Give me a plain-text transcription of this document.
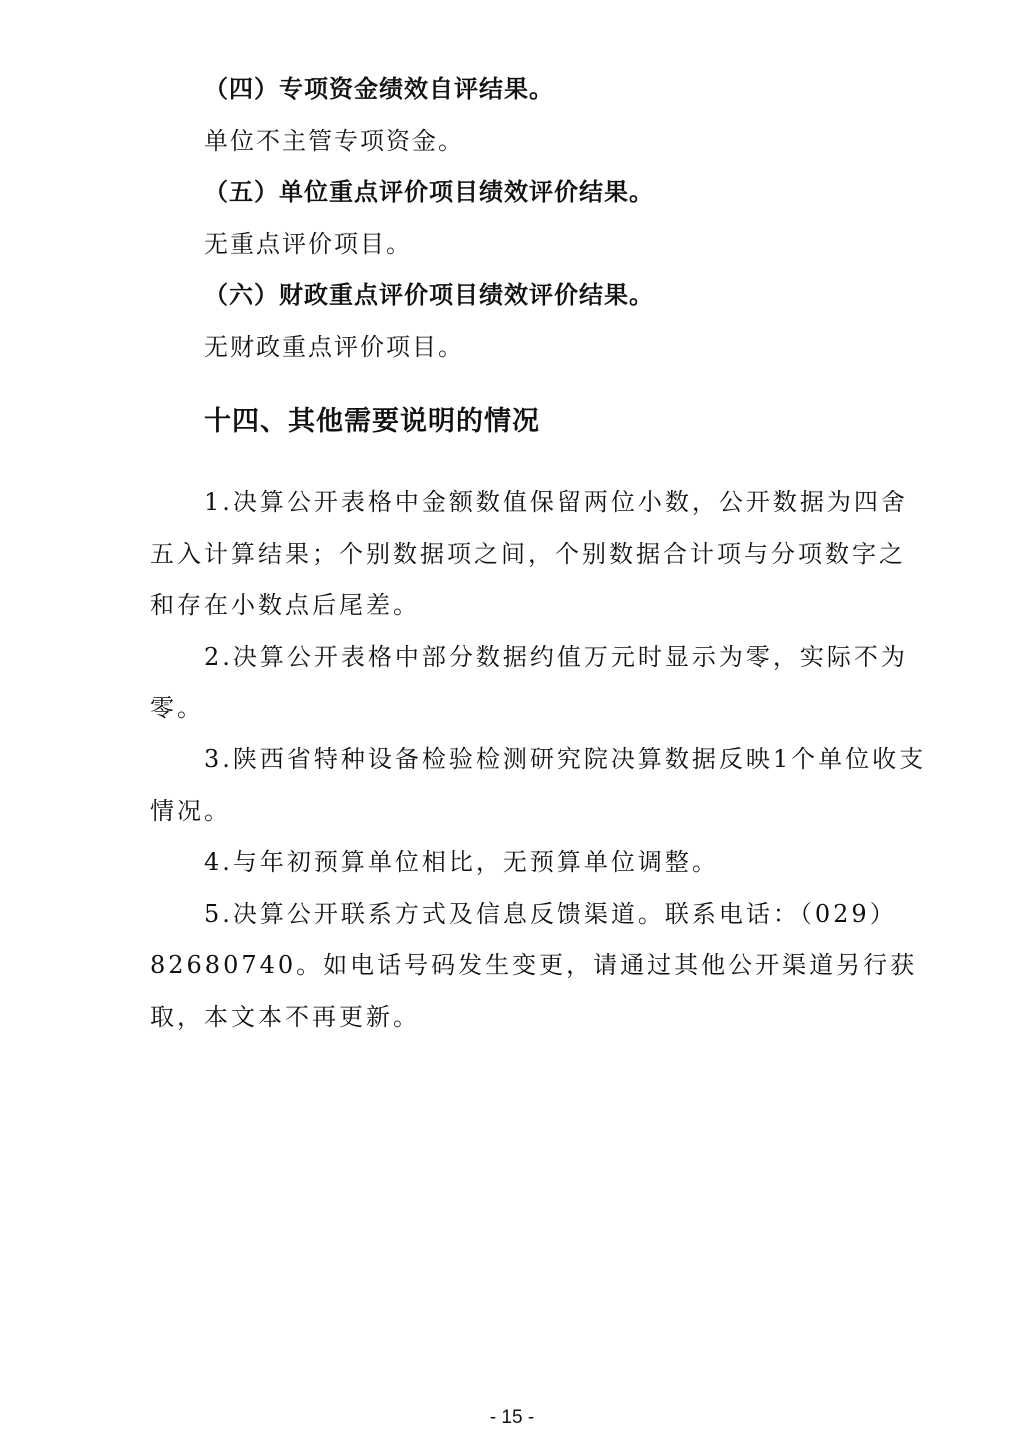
（四）专项资金绩效自评结果。
单位不主管专项资金。
（五）单位重点评价项目绩效评价结果。
无重点评价项目。
（六）财政重点评价项目绩效评价结果。
无财政重点评价项目。
十四、其他需要说明的情况
1.决算公开表格中金额数值保留两位小数，公开数据为四舍
五入计算结果；个别数据项之间，个别数据合计项与分项数字之
和存在小数点后尾差。
2.决算公开表格中部分数据约值万元时显示为零，实际不为
零。
3.陕西省特种设备检验检测研究院决算数据反映1个单位收支
情况。
4.与年初预算单位相比，无预算单位调整。
5.决算公开联系方式及信息反馈渠道。联系电话：（029）
82680740。如电话号码发生变更，请通过其他公开渠道另行获
取，本文本不再更新。
- 15 -
